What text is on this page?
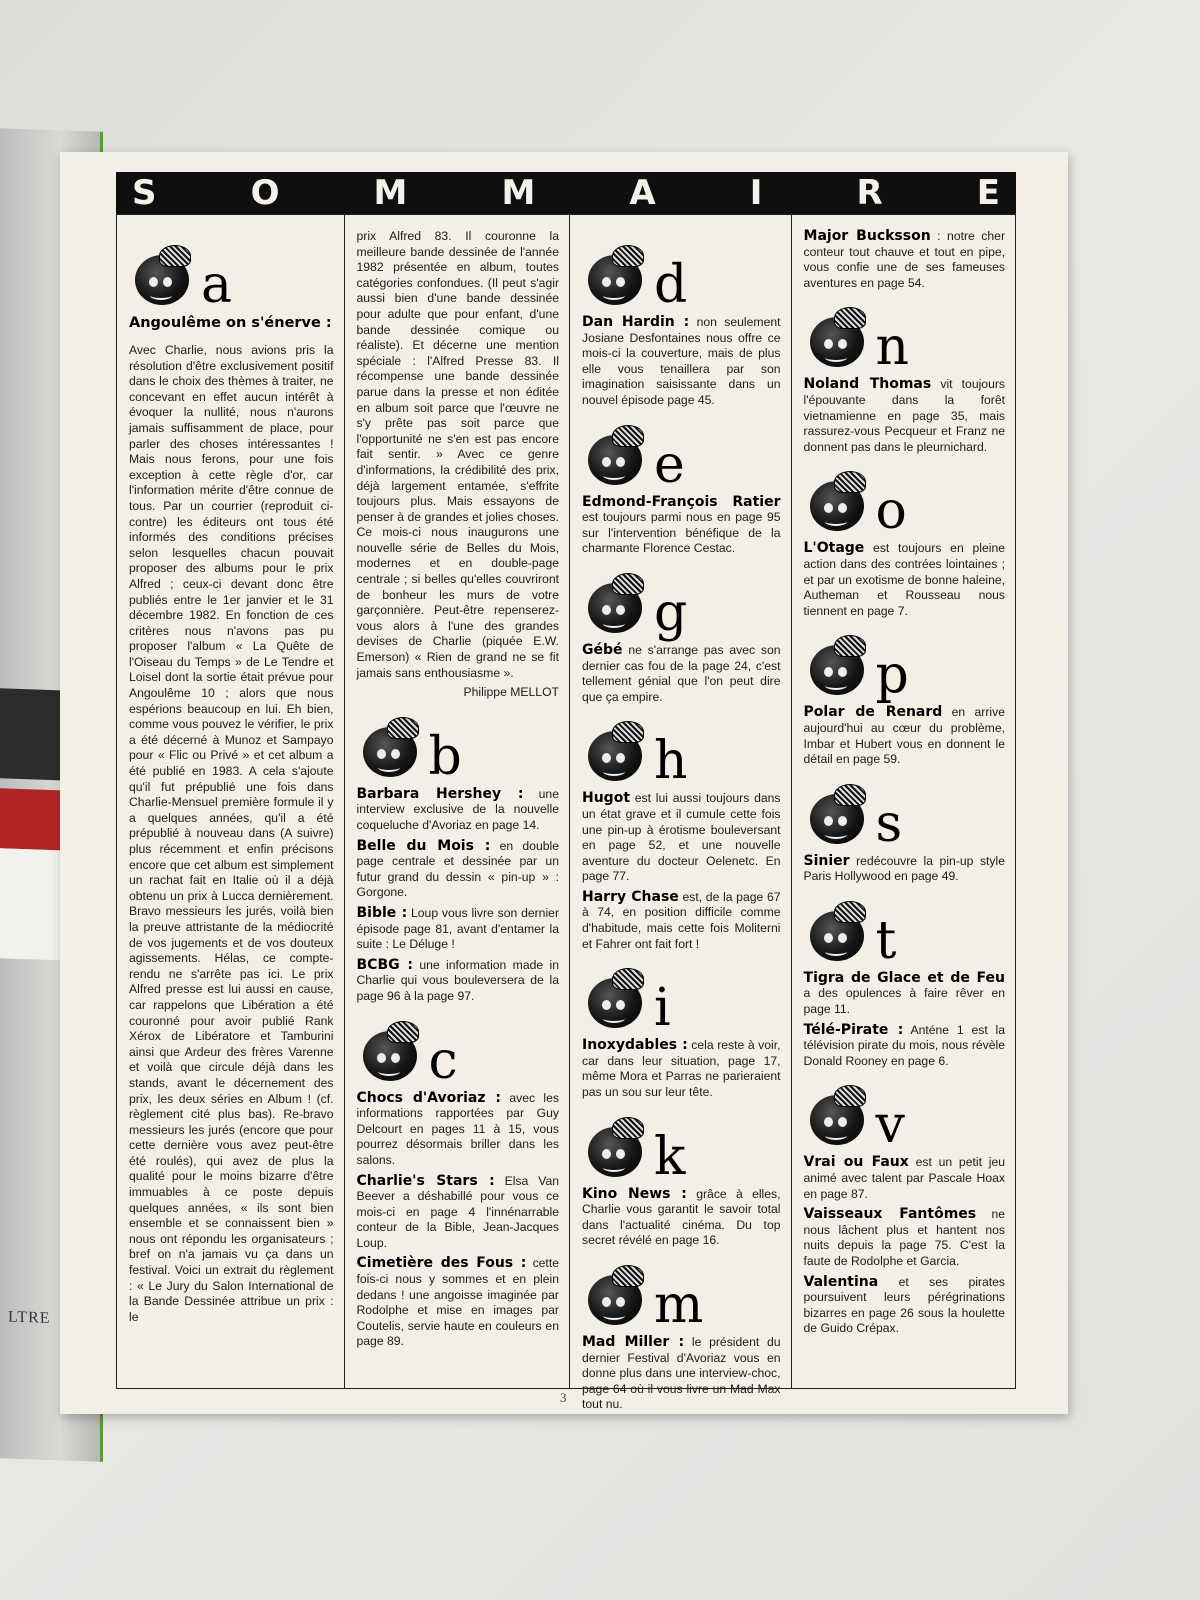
LTRE
S	O	M	M	A	I	R	E
a
Angoulême on s'énerve :

Avec Charlie, nous avions pris la résolution d'être exclusivement positif dans le choix des thèmes à traiter, ne concevant en effet aucun intérêt à évoquer la nullité, nous n'aurons jamais suffisamment de place, pour parler des choses intéressantes ! Mais nous ferons, pour une fois exception à cette règle d'or, car l'information mérite d'être connue de tous. Par un courrier (reproduit ci-contre) les éditeurs ont tous été informés des conditions précises selon lesquelles chacun pouvait proposer des albums pour le prix Alfred ; ceux-ci devant donc être publiés entre le 1er janvier et le 31 décembre 1982. En fonction de ces critères nous n'avons pas pu proposer l'album « La Quête de l'Oiseau du Temps » de Le Tendre et Loisel dont la sortie était prévue pour Angoulême 10 ; alors que nous espérions beaucoup en lui. Eh bien, comme vous pouvez le vérifier, le prix a été décerné à Munoz et Sampayo pour « Flic ou Privé » et cet album a été publié en 1983. A cela s'ajoute qu'il fut prépublié une fois dans Charlie-Mensuel première formule il y a quelques années, qu'il a été prépublié à nouveau dans (A suivre) plus récemment et enfin précisons encore que cet album est simplement un rachat fait en Italie où il a déjà obtenu un prix à Lucca dernièrement. Bravo messieurs les jurés, voilà bien la preuve attristante de la médiocrité de vos jugements et de vos douteux agissements. Hélas, ce compte-rendu ne s'arrête pas ici. Le prix Alfred presse est lui aussi en cause, car rappelons que Libération a été couronné pour avoir publié Rank Xérox de Libératore et Tamburini ainsi que Ardeur des frères Varenne et voilà que circule déjà dans les stands, avant le décernement des prix, les deux séries en Album ! (cf. règlement cité plus bas). Re-bravo messieurs les jurés (encore que pour cette dernière vous avez peut-être été roulés), qui avez de plus la qualité pour le moins bizarre d'être immuables à ce poste depuis quelques années, « ils sont bien ensemble et se connaissent bien » nous ont répondu les organisateurs ; bref on n'a jamais vu ça dans un festival. Voici un extrait du règlement : « Le Jury du Salon International de la Bande Dessinée attribue un prix : le

prix Alfred 83. Il couronne la meilleure bande dessinée de l'année 1982 présentée en album, toutes catégories confondues. (Il peut s'agir aussi bien d'une bande dessinée pour adulte que pour enfant, d'une bande dessinée comique ou réaliste). Et décerne une mention spéciale : l'Alfred Presse 83. Il récompense une bande dessinée parue dans la presse et non éditée en album soit parce que l'œuvre ne s'y prête pas soit parce que l'opportunité ne s'en est pas encore fait sentir. » Avec ce genre d'informations, la crédibilité des prix, déjà largement entamée, s'effrite toujours plus. Mais essayons de penser à de grandes et jolies choses. Ce mois-ci nous inaugurons une nouvelle série de Belles du Mois, modernes et en double-page centrale ; si belles qu'elles couvriront de bonheur les murs de votre garçonnière. Peut-être repenserez-vous alors à l'une des grandes devises de Charlie (piquée E.W. Emerson) « Rien de grand ne se fit jamais sans enthousiasme ».

Philippe MELLOT
b
Barbara Hershey : une interview exclusive de la nouvelle coqueluche d'Avoriaz en page 14.
Belle du Mois : en double page centrale et dessinée par un futur grand du dessin « pin-up » : Gorgone.
Bible : Loup vous livre son dernier épisode page 81, avant d'entamer la suite : Le Déluge !
BCBG : une information made in Charlie qui vous bouleversera de la page 96 à la page 97.
c
Chocs d'Avoriaz : avec les informations rapportées par Guy Delcourt en pages 11 à 15, vous pourrez désormais briller dans les salons.
Charlie's Stars : Elsa Van Beever a déshabillé pour vous ce mois-ci en page 4 l'innénarrable conteur de la Bible, Jean-Jacques Loup.
Cimetière des Fous : cette fois-ci nous y sommes et en plein dedans ! une angoisse imaginée par Rodolphe et mise en images par Coutelis, servie haute en couleurs en page 89.
d
Dan Hardin : non seulement Josiane Desfontaines nous offre ce mois-ci la couverture, mais de plus elle vous tenaillera par son imagination saisissante dans un nouvel épisode page 45.
e
Edmond-François Ratier est toujours parmi nous en page 95 sur l'intervention bénéfique de la charmante Florence Cestac.
g
Gébé ne s'arrange pas avec son dernier cas fou de la page 24, c'est tellement génial que l'on peut dire que ça empire.
h
Hugot est lui aussi toujours dans un état grave et il cumule cette fois une pin-up à érotisme bouleversant en page 52, et une nouvelle aventure du docteur Oelenetc. En page 77.
Harry Chase est, de la page 67 à 74, en position difficile comme d'habitude, mais cette fois Moliterni et Fahrer ont fait fort !
i
Inoxydables : cela reste à voir, car dans leur situation, page 17, même Mora et Parras ne parieraient pas un sou sur leur tête.
k
Kino News : grâce à elles, Charlie vous garantit le savoir total dans l'actualité cinéma. Du top secret révélé en page 16.
m
Mad Miller : le président du dernier Festival d'Avoriaz vous en donne plus dans une interview-choc, page 64 où il vous livre un Mad Max tout nu.
Major Bucksson : notre cher conteur tout chauve et tout en pipe, vous confie une de ses fameuses aventures en page 54.
n
Noland Thomas vit toujours l'épouvante dans la forêt vietnamienne en page 35, mais rassurez-vous Pecqueur et Franz ne donnent pas dans le pleurnichard.
o
L'Otage est toujours en pleine action dans des contrées lointaines ; et par un exotisme de bonne haleine, Autheman et Rousseau nous tiennent en page 7.
p
Polar de Renard en arrive aujourd'hui au cœur du problème, Imbar et Hubert vous en donnent le détail en page 59.
s
Sinier redécouvre la pin-up style Paris Hollywood en page 49.
t
Tigra de Glace et de Feu a des opulences à faire rêver en page 11.
Télé-Pirate : Anténe 1 est la télévision pirate du mois, nous révèle Donald Rooney en page 6.
v
Vrai ou Faux est un petit jeu animé avec talent par Pascale Hoax en page 87.
Vaisseaux Fantômes ne nous lâchent plus et hantent nos nuits depuis la page 75. C'est la faute de Rodolphe et Garcia.
Valentina et ses pirates poursuivent leurs pérégrinations bizarres en page 26 sous la houlette de Guido Crépax.
3
